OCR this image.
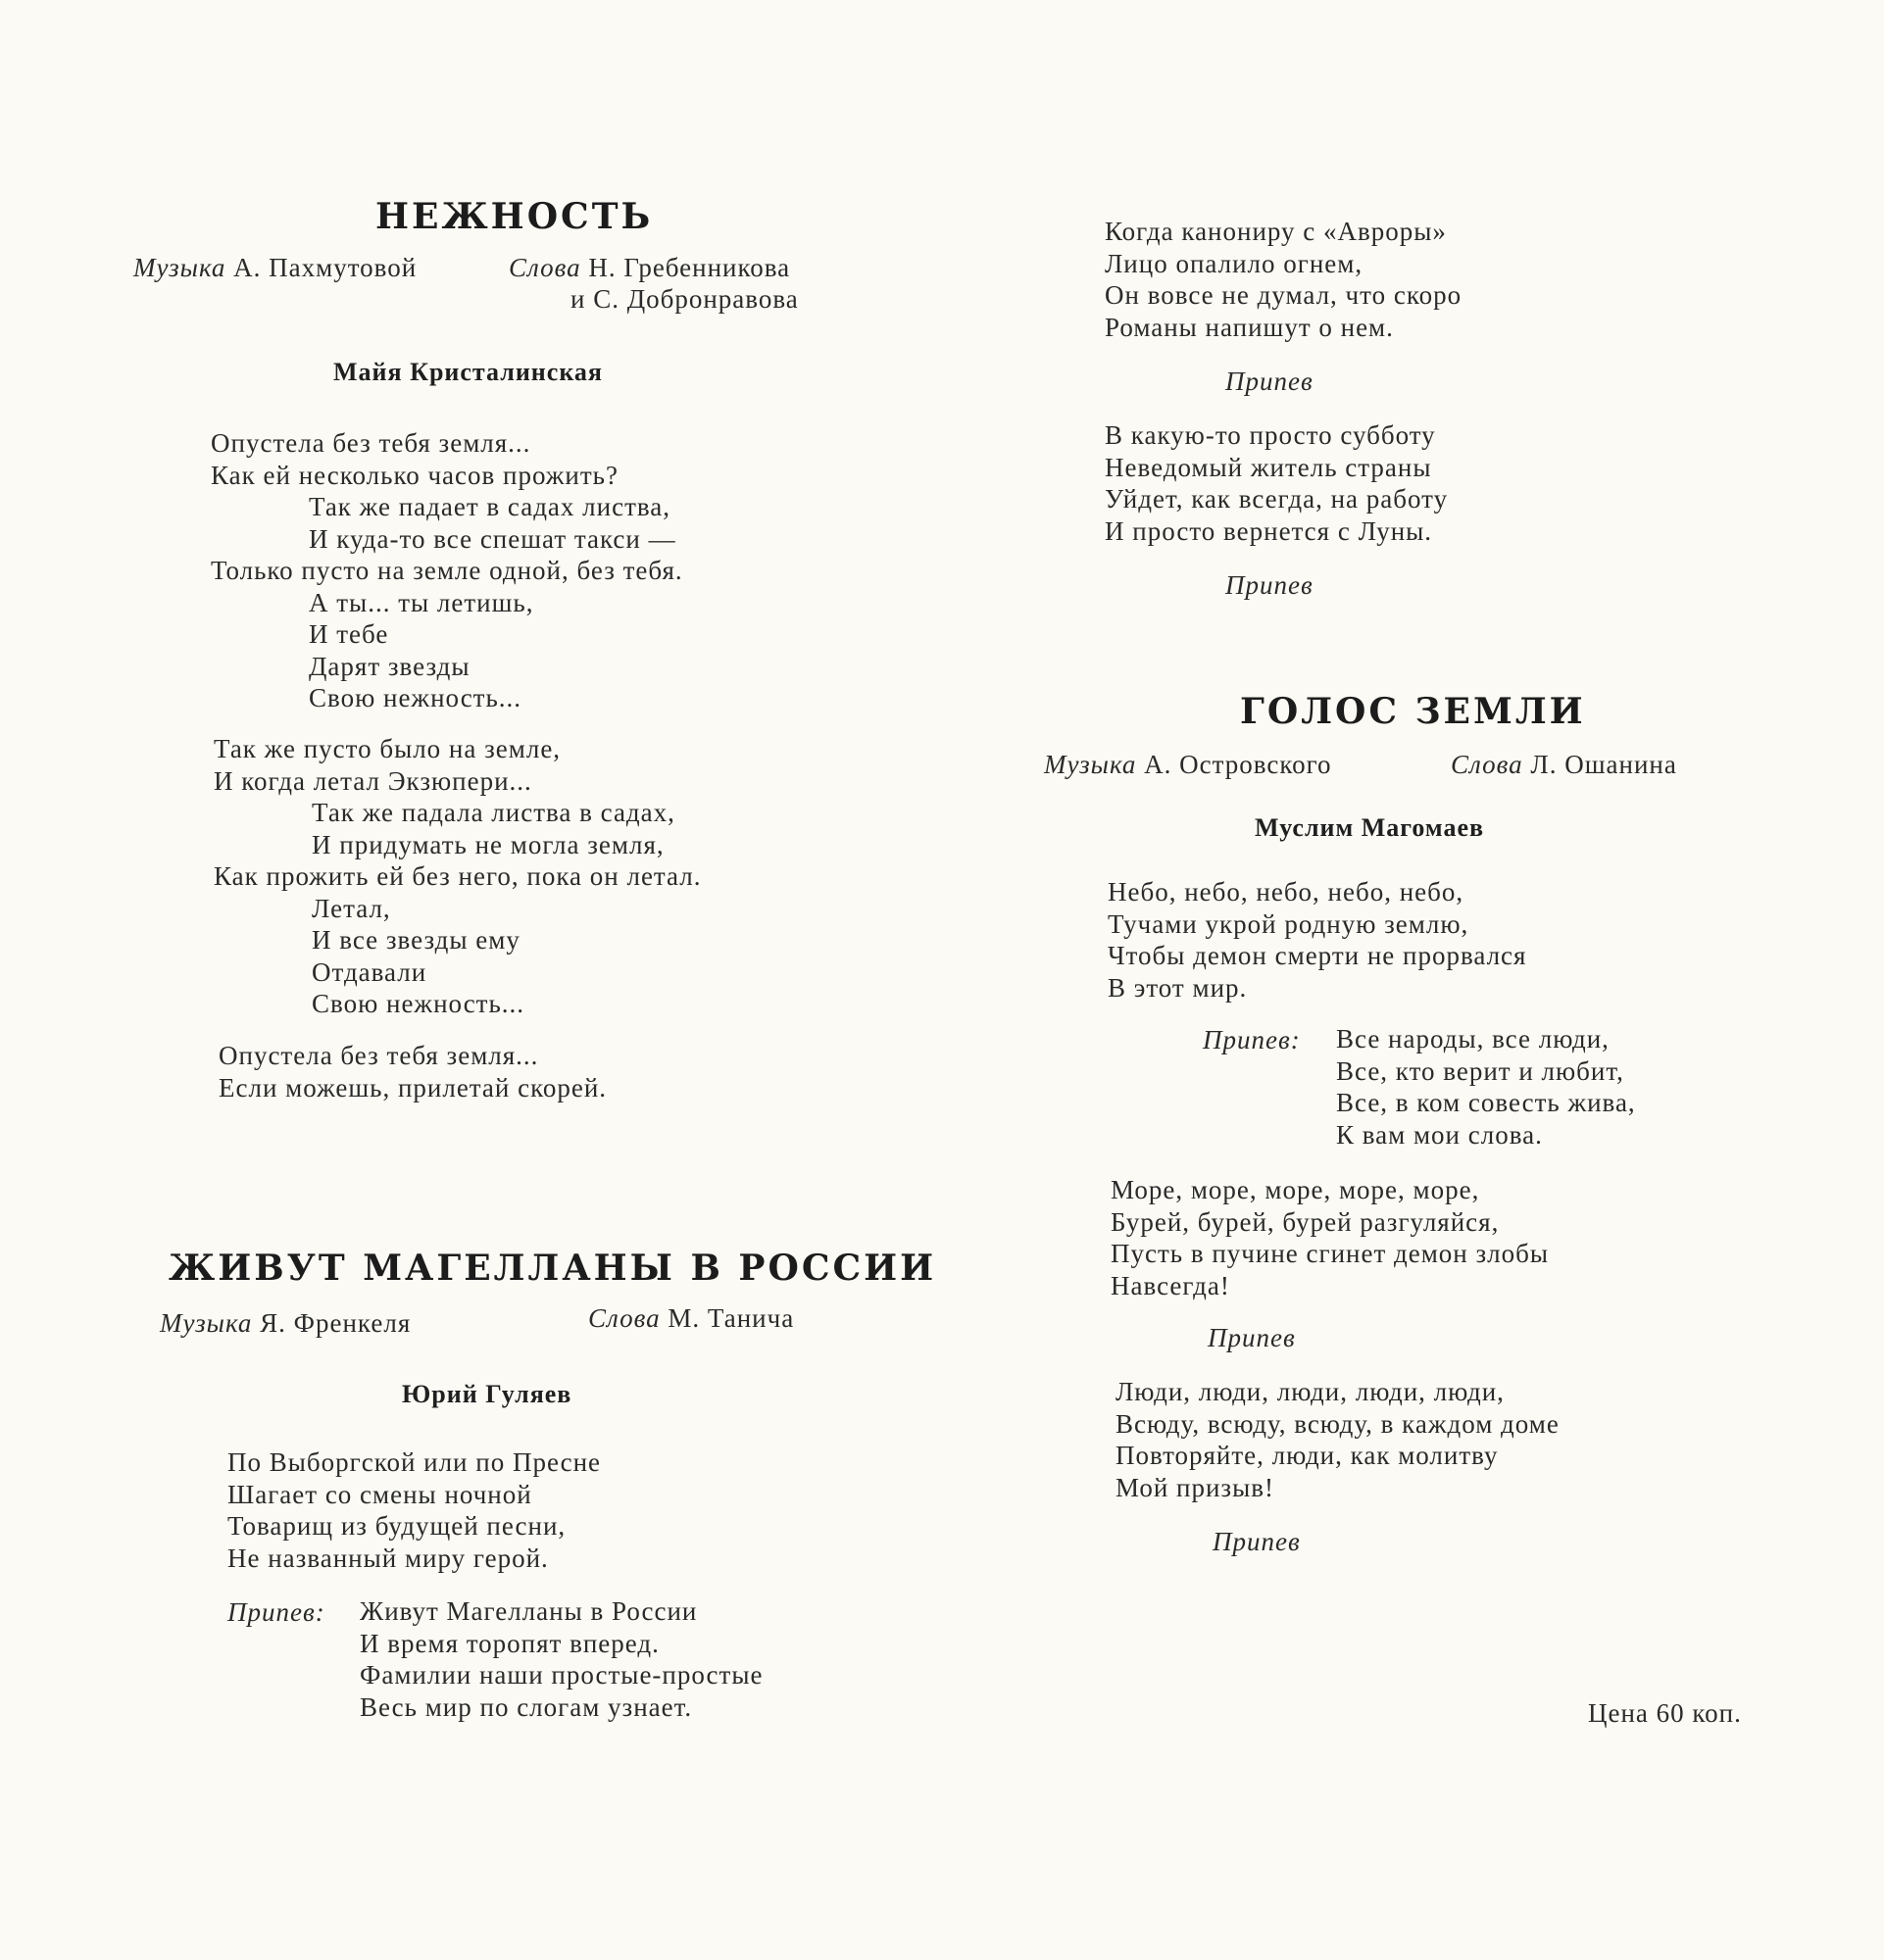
НЕЖНОСТЬ
Музыка А. Пахмутовой	Слова Н. Гребенникова
и С. Добронравова
Майя Кристалинская
Опустела без тебя земля...
Как ей несколько часов прожить?
Так же падает в садах листва,
И куда-то все спешат такси —
Только пусто на земле одной, без тебя.
А ты... ты летишь,
И тебе
Дарят звезды
Свою нежность...
Так же пусто было на земле,
И когда летал Экзюпери...
Так же падала листва в садах,
И придумать не могла земля,
Как прожить ей без него, пока он летал.
Летал,
И все звезды ему
Отдавали
Свою нежность...
Опустела без тебя земля...
Если можешь, прилетай скорей.
ЖИВУТ МАГЕЛЛАНЫ В РОССИИ
Музыка Я. Френкеля	Слова М. Танича
Юрий Гуляев
По Выборгской или по Пресне
Шагает со смены ночной
Товарищ из будущей песни,
Не названный миру герой.
Припев: Живут Магелланы в России
И время торопят вперед.
Фамилии наши простые-простые
Весь мир по слогам узнает.
Когда канониру с «Авроры»
Лицо опалило огнем,
Он вовсе не думал, что скоро
Романы напишут о нем.
Припев
В какую-то просто субботу
Неведомый житель страны
Уйдет, как всегда, на работу
И просто вернется с Луны.
Припев
ГОЛОС ЗЕМЛИ
Музыка А. Островского	Слова Л. Ошанина
Муслим Магомаев
Небо, небо, небо, небо, небо,
Тучами укрой родную землю,
Чтобы демон смерти не прорвался
В этот мир.
Припев: Все народы, все люди,
Все, кто верит и любит,
Все, в ком совесть жива,
К вам мои слова.
Море, море, море, море, море,
Бурей, бурей, бурей разгуляйся,
Пусть в пучине сгинет демон злобы
Навсегда!
Припев
Люди, люди, люди, люди, люди,
Всюду, всюду, всюду, в каждом доме
Повторяйте, люди, как молитву
Мой призыв!
Припев
Цена 60 коп.
